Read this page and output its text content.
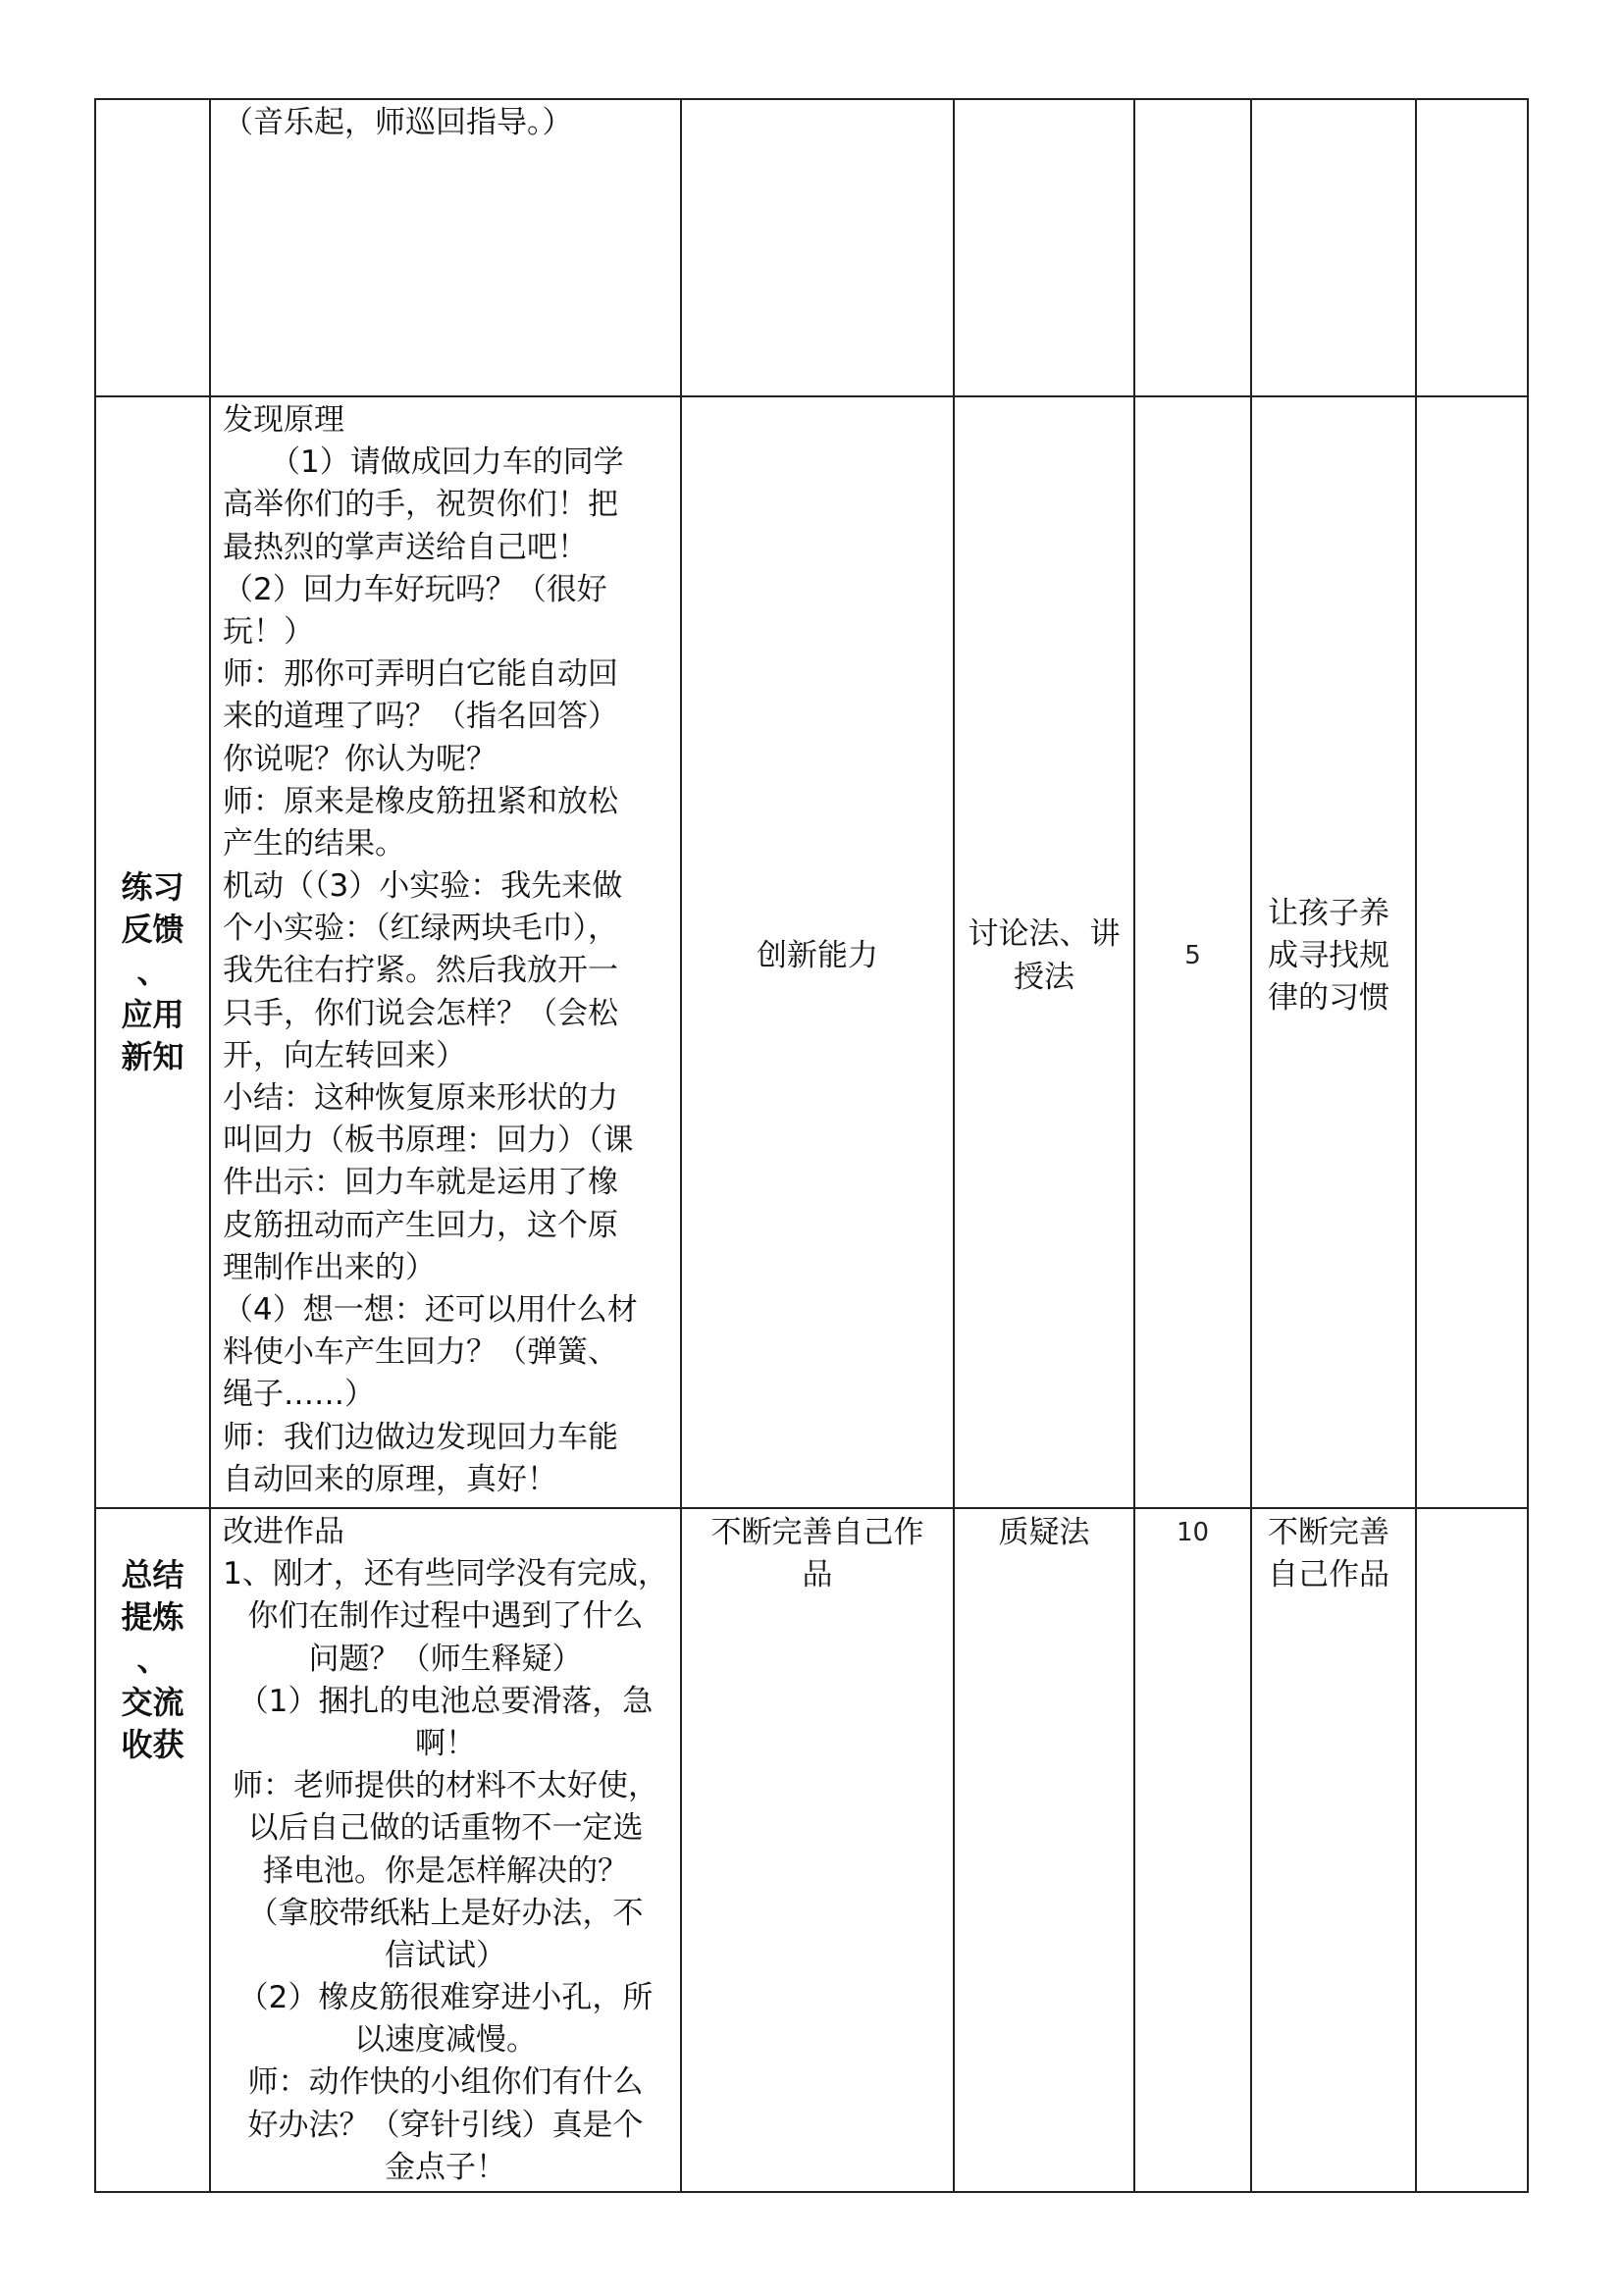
（音乐起，师巡回指导。）
练习
反馈
、
应用
新知
发现原理
（1）请做成回力车的同学
高举你们的手，祝贺你们！把
最热烈的掌声送给自己吧！
（2）回力车好玩吗？（很好
玩！）
师：那你可弄明白它能自动回
来的道理了吗？（指名回答）
你说呢？你认为呢？
师：原来是橡皮筋扭紧和放松
产生的结果。
机动（（3）小实验：我先来做
个小实验：（红绿两块毛巾），
我先往右拧紧。然后我放开一
只手，你们说会怎样？（会松
开，向左转回来）
小结：这种恢复原来形状的力
叫回力（板书原理：回力）（课
件出示：回力车就是运用了橡
皮筋扭动而产生回力，这个原
理制作出来的）
（4）想一想：还可以用什么材
料使小车产生回力？（弹簧、
绳子……）
师：我们边做边发现回力车能
自动回来的原理，真好！
创新能力
讨论法、讲
授法
5
让孩子养
成寻找规
律的习惯
总结
提炼
、
交流
收获
改进作品
1、刚才，还有些同学没有完成，
你们在制作过程中遇到了什么
问题？（师生释疑）
（1）捆扎的电池总要滑落，急
啊！
师：老师提供的材料不太好使，
以后自己做的话重物不一定选
择电池。你是怎样解决的？
（拿胶带纸粘上是好办法，不
信试试）
（2）橡皮筋很难穿进小孔，所
以速度减慢。
师：动作快的小组你们有什么
好办法？（穿针引线）真是个
金点子！
不断完善自己作
品
质疑法	10	不断完善
自己作品
